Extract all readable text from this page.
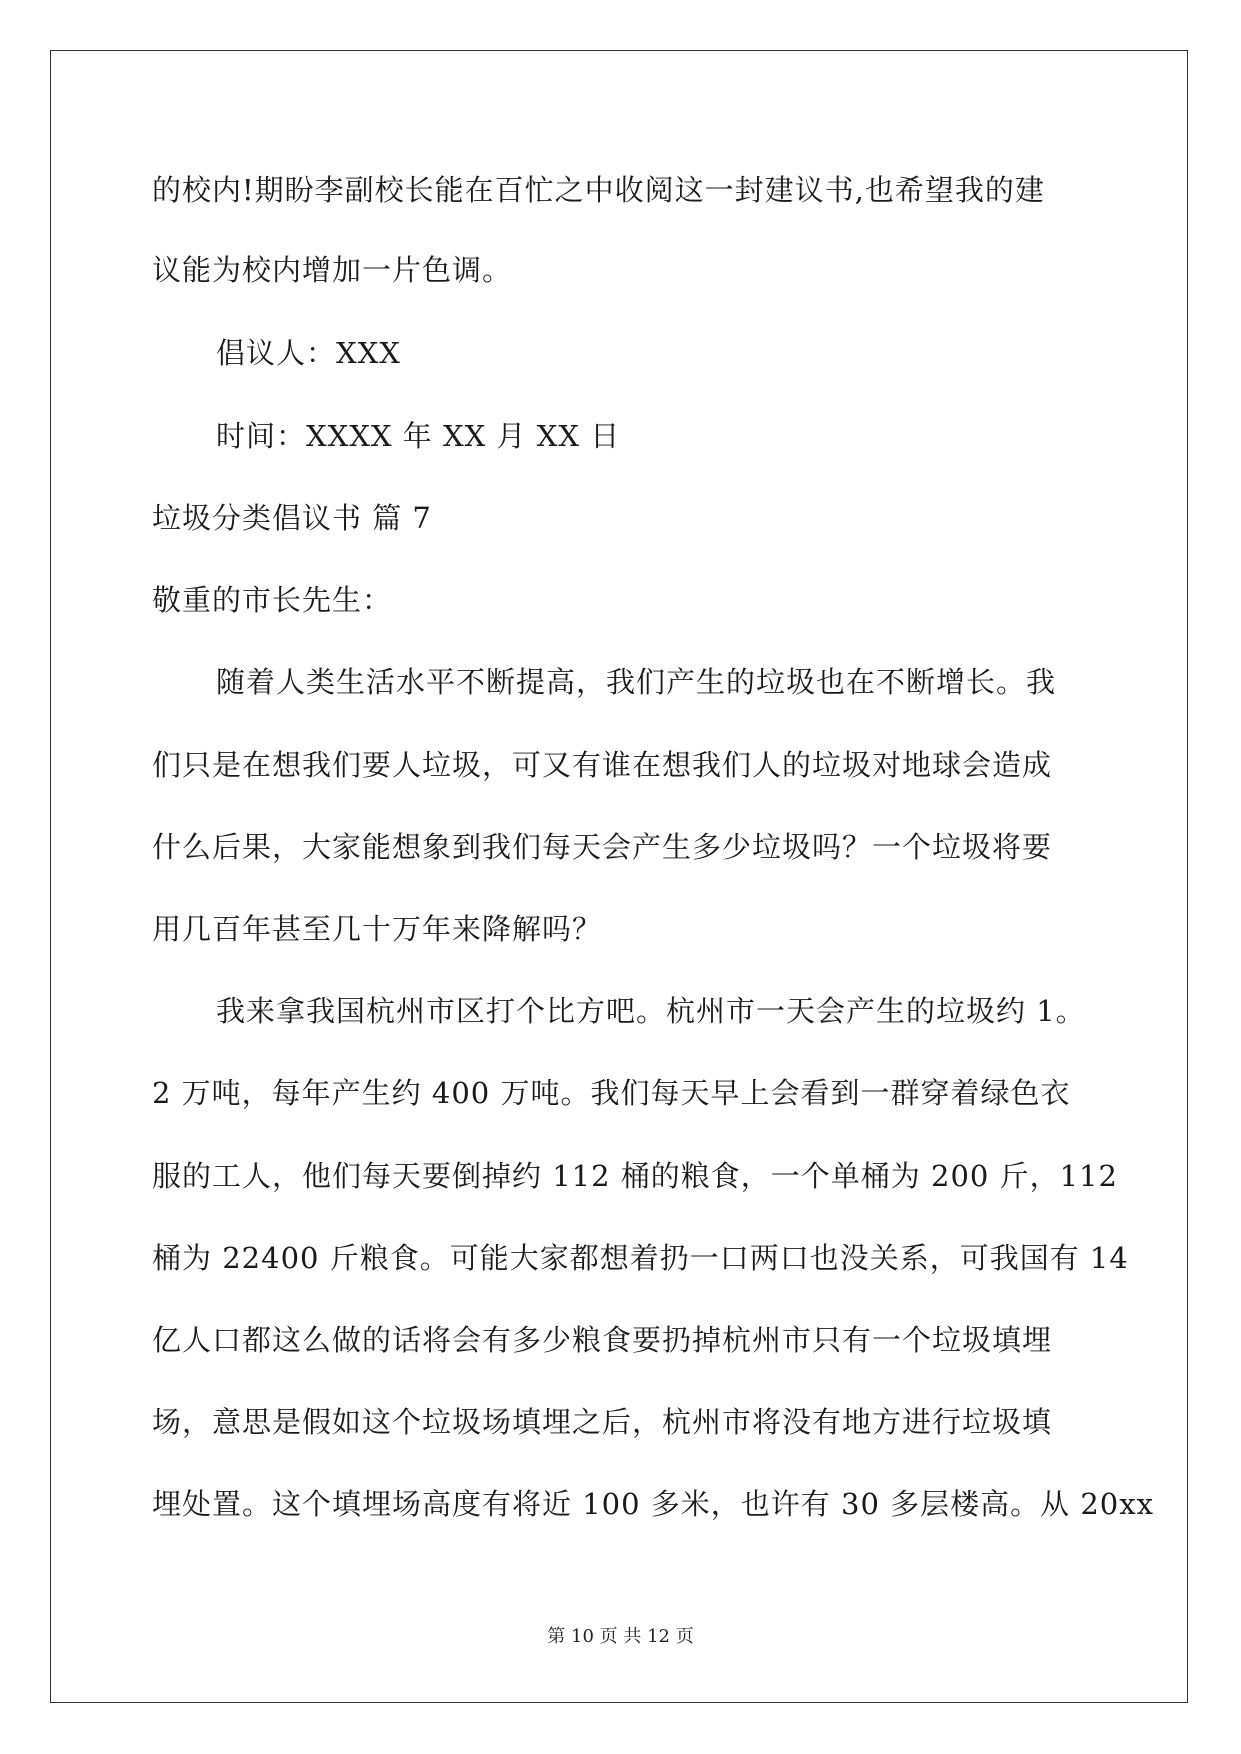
的校内!期盼李副校长能在百忙之中收阅这一封建议书,也希望我的建
议能为校内增加一片色调。
倡议人：XXX
时间：XXXX 年 XX 月 XX 日
垃圾分类倡议书 篇 7
敬重的市长先生：
随着人类生活水平不断提高，我们产生的垃圾也在不断增长。我
们只是在想我们要人垃圾，可又有谁在想我们人的垃圾对地球会造成
什么后果，大家能想象到我们每天会产生多少垃圾吗？一个垃圾将要
用几百年甚至几十万年来降解吗？
我来拿我国杭州市区打个比方吧。杭州市一天会产生的垃圾约 1。
2 万吨，每年产生约 400 万吨。我们每天早上会看到一群穿着绿色衣
服的工人，他们每天要倒掉约 112 桶的粮食，一个单桶为 200 斤，112
桶为 22400 斤粮食。可能大家都想着扔一口两口也没关系，可我国有 14
亿人口都这么做的话将会有多少粮食要扔掉杭州市只有一个垃圾填埋
场，意思是假如这个垃圾场填埋之后，杭州市将没有地方进行垃圾填
埋处置。这个填埋场高度有将近 100 多米，也许有 30 多层楼高。从 20xx
第 10 页 共 12 页
